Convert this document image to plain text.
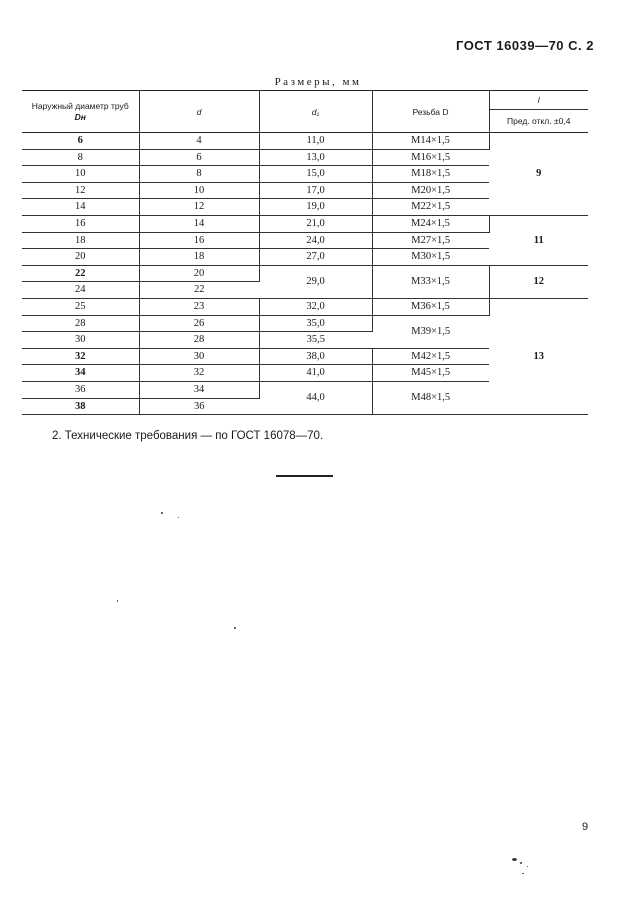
ГОСТ 16039—70 С. 2
Размеры, мм
Наружный диаметр труб
Dн	d	d₁	Резьба D	l
				Пред. откл. ±0,4
6	4	11,0	M14×1,5	9
8	6	13,0	M16×1,5	
10	8	15,0	M18×1,5	
12	10	17,0	M20×1,5	
14	12	19,0	M22×1,5	
16	14	21,0	M24×1,5	11
18	16	24,0	M27×1,5	
20	18	27,0	M30×1,5	
22	20	29,0	M33×1,5	12
24	22			
25	23	32,0	M36×1,5	13
28	26	35,0	M39×1,5	
30	28	35,5		
32	30	38,0	M42×1,5	
34	32	41,0	M45×1,5	
36	34	44,0	M48×1,5	
38	36			
2. Технические требования — по ГОСТ 16078—70.
9
